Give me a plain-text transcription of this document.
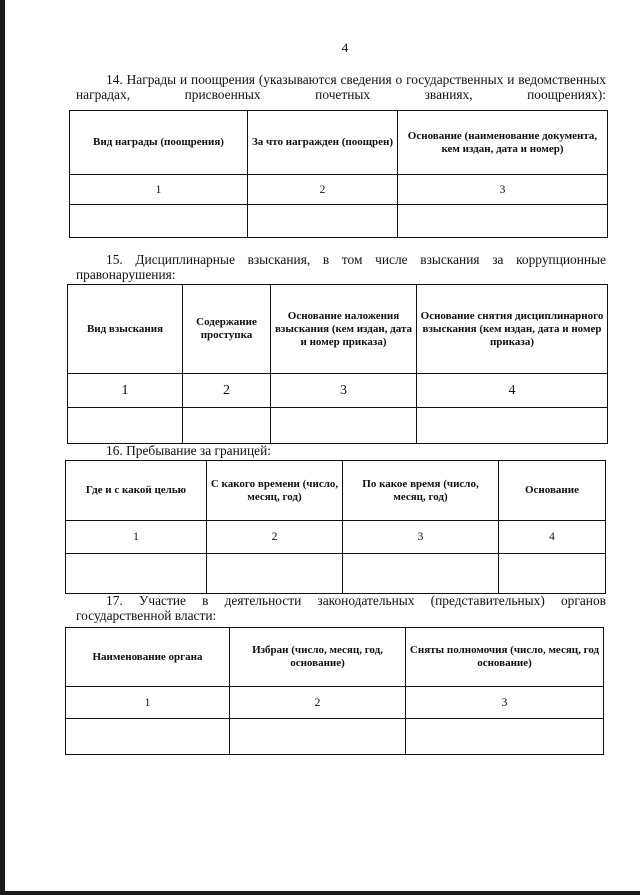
4
14. Награды и поощрения (указываются сведения о государственных и ведомственных наградах, присвоенных почетных званиях, поощрениях):
Вид награды (поощрения)	За что награжден (поощрен)	Основание (наименование документа, кем издан, дата и номер)
1	2	3

15. Дисциплинарные взыскания, в том числе взыскания за коррупционные правонарушения:
Вид взыскания	Содержание проступка	Основание наложения взыскания (кем издан, дата и номер приказа)	Основание снятия дисциплинарного взыскания (кем издан, дата и номер приказа)
1	2	3	4

16. Пребывание за границей:
Где и с какой целью	С какого времени (число, месяц, год)	По какое время (число, месяц, год)	Основание
1	2	3	4

17. Участие в деятельности законодательных (представительных) органов государственной власти:
Наименование органа	Избран (число, месяц, год, основание)	Сняты полномочия (число, месяц, год основание)
1	2	3
